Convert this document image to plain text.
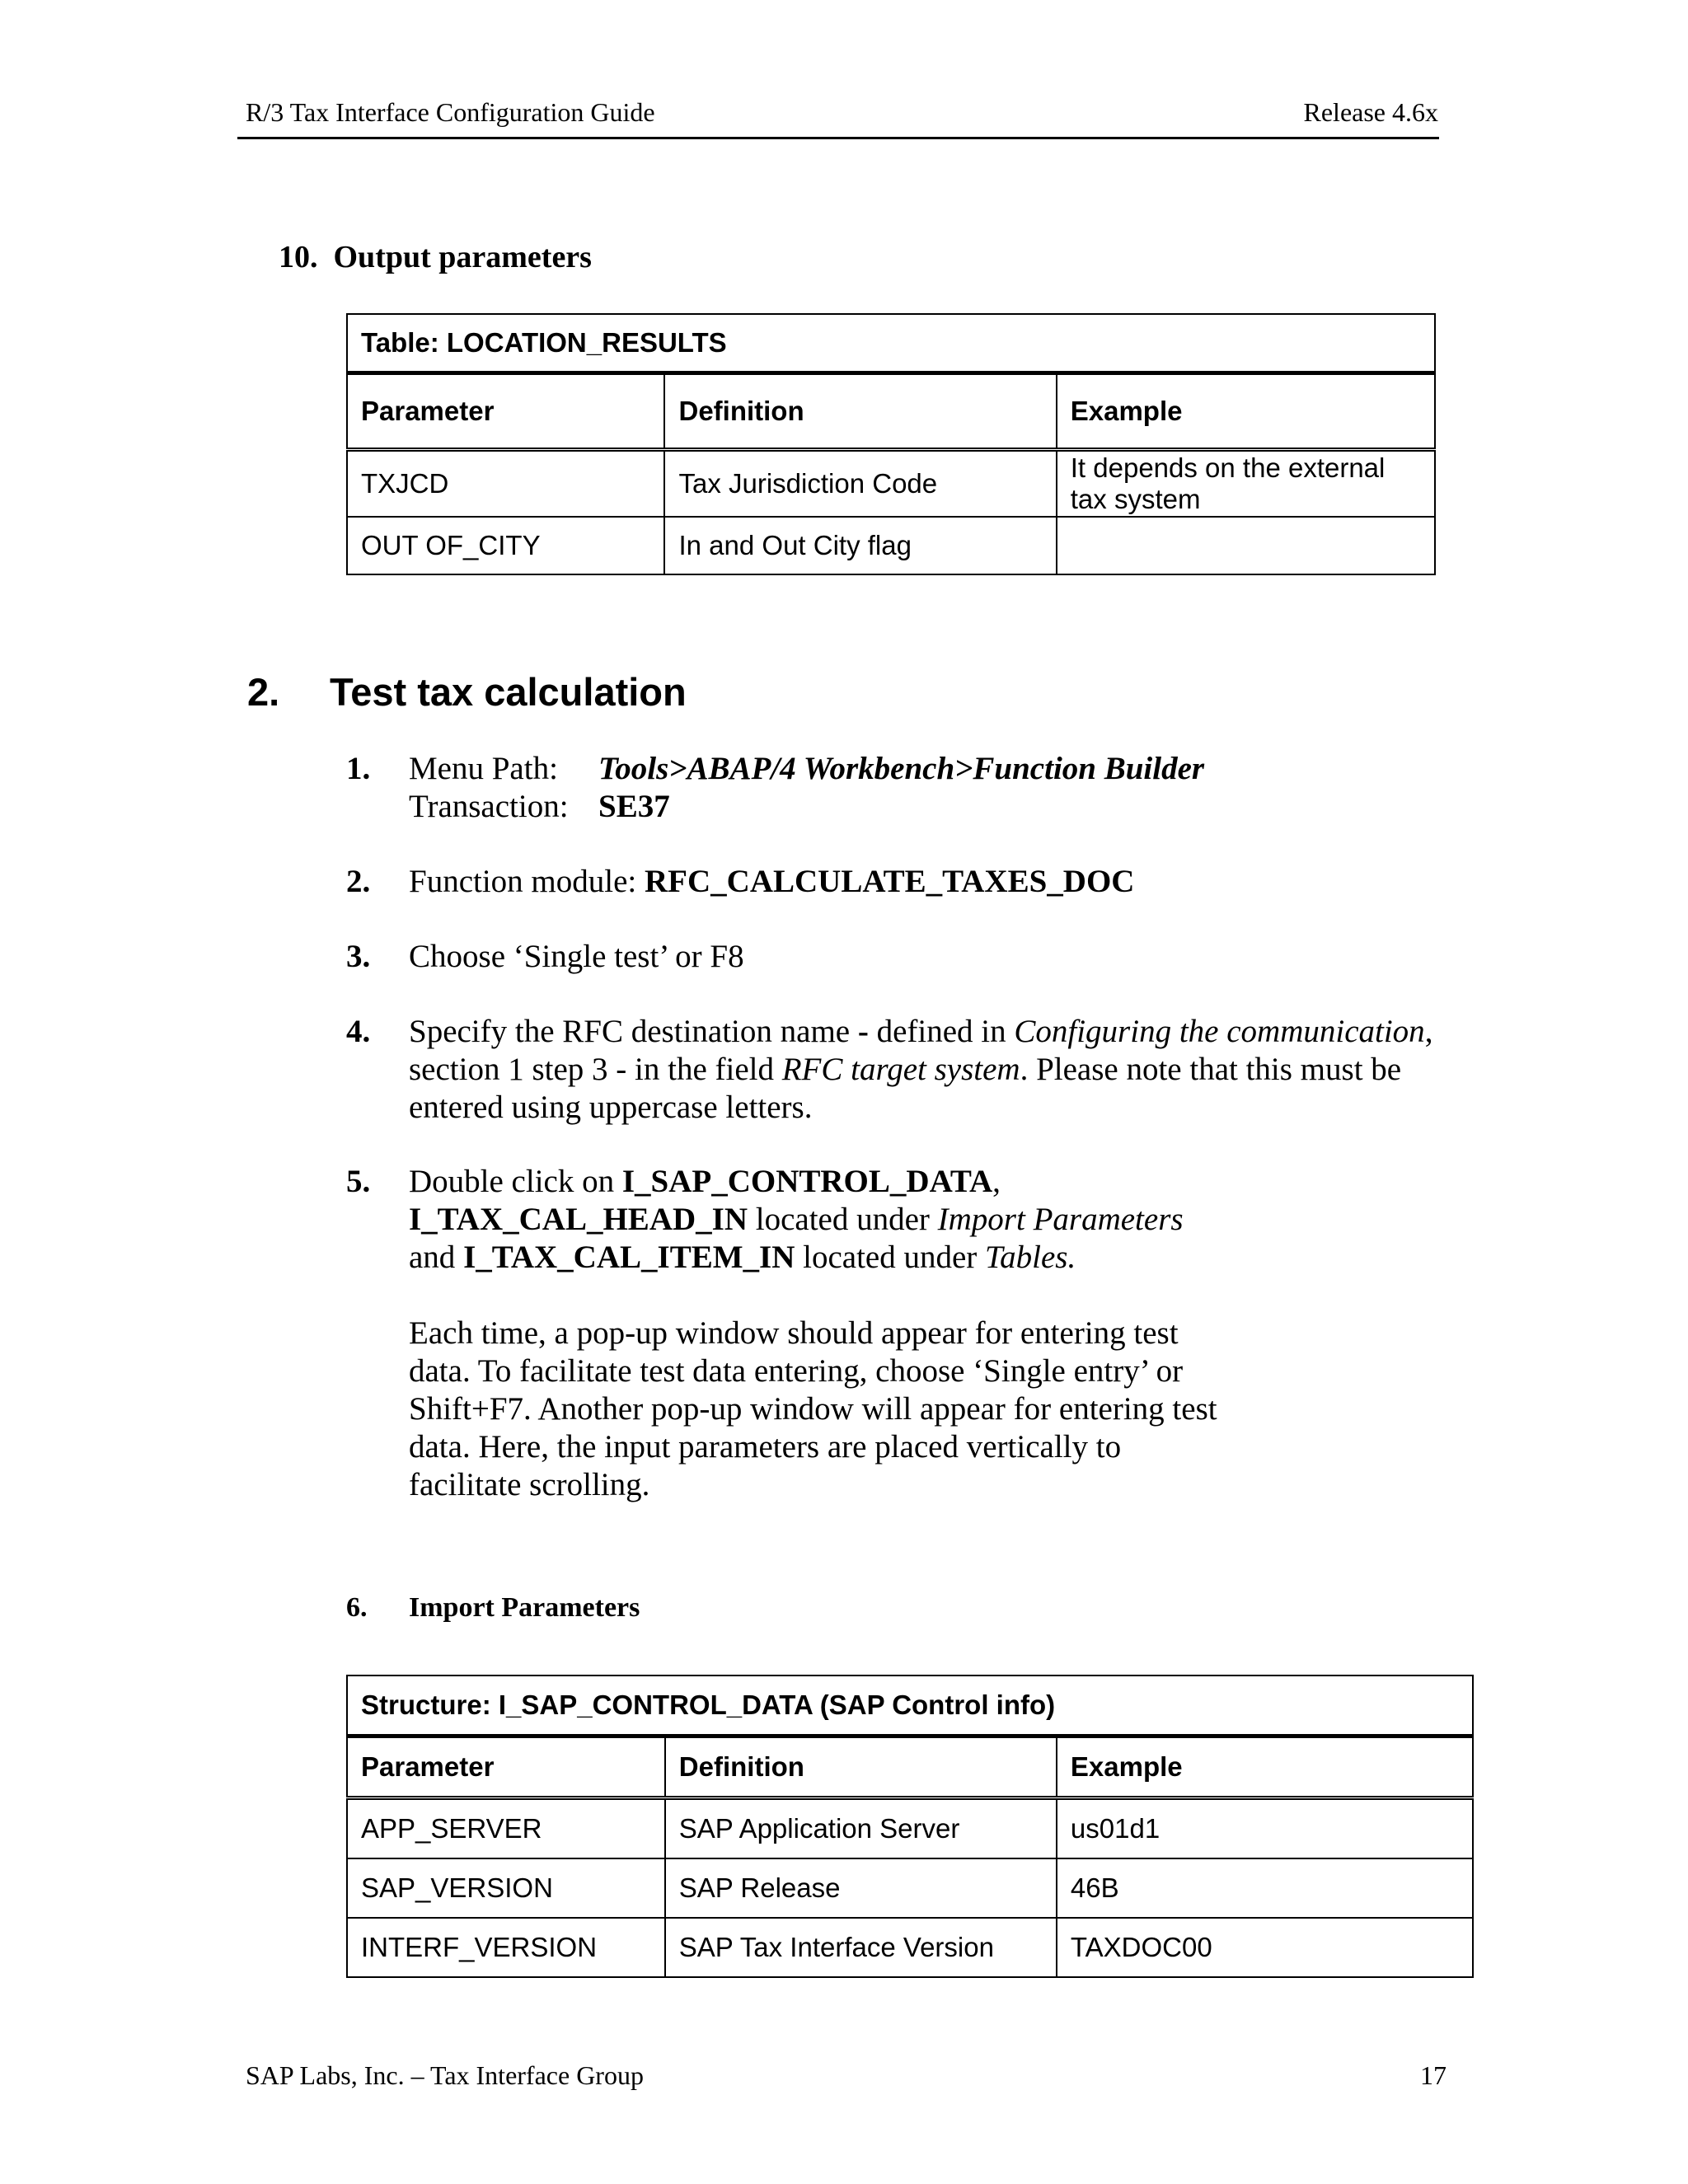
R/3 Tax Interface Configuration Guide	Release 4.6x
10. Output parameters
Table: LOCATION_RESULTS		
Parameter	Definition	Example
TXJCD	Tax Jurisdiction Code	It depends on the external tax system
OUT OF_CITY	In and Out City flag	
2. Test tax calculation
1. Menu Path: Tools>ABAP/4 Workbench>Function Builder
Transaction: SE37
2. Function module: RFC_CALCULATE_TAXES_DOC
3. Choose ‘Single test’ or F8
4. Specify the RFC destination name - defined in Configuring the communication, section 1 step 3 - in the field RFC target system. Please note that this must be entered using uppercase letters.
5. Double click on I_SAP_CONTROL_DATA,
I_TAX_CAL_HEAD_IN located under Import Parameters
and I_TAX_CAL_ITEM_IN located under Tables.
Each time, a pop-up window should appear for entering test data. To facilitate test data entering, choose ‘Single entry’ or Shift+F7. Another pop-up window will appear for entering test data. Here, the input parameters are placed vertically to facilitate scrolling.
6. Import Parameters
Structure: I_SAP_CONTROL_DATA (SAP Control info)		
Parameter	Definition	Example
APP_SERVER	SAP Application Server	us01d1
SAP_VERSION	SAP Release	46B
INTERF_VERSION	SAP Tax Interface Version	TAXDOC00
SAP Labs, Inc. – Tax Interface Group	17
